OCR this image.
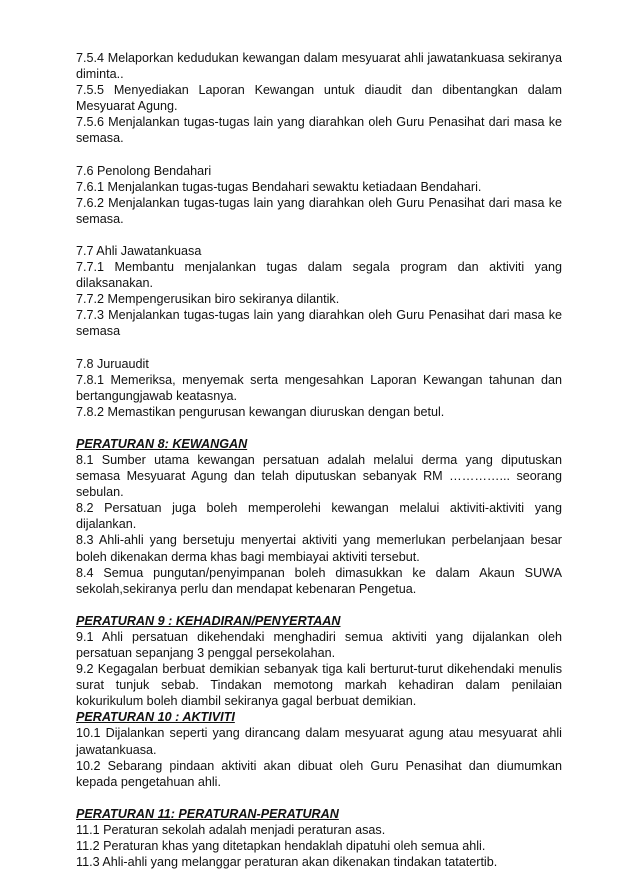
7.5.4 Melaporkan kedudukan kewangan dalam mesyuarat ahli jawatankuasa sekiranya diminta..

7.5.5 Menyediakan Laporan Kewangan untuk diaudit dan dibentangkan dalam Mesyuarat Agung.

7.5.6 Menjalankan tugas-tugas lain yang diarahkan oleh Guru Penasihat dari masa ke semasa.

7.6 Penolong Bendahari

7.6.1 Menjalankan tugas-tugas Bendahari sewaktu ketiadaan Bendahari.

7.6.2 Menjalankan tugas-tugas lain yang diarahkan oleh Guru Penasihat dari masa ke semasa.

7.7 Ahli Jawatankuasa

7.7.1 Membantu menjalankan tugas dalam segala program dan aktiviti yang dilaksanakan.

7.7.2 Mempengerusikan biro sekiranya dilantik.

7.7.3 Menjalankan tugas-tugas lain yang diarahkan oleh Guru Penasihat dari masa ke semasa

7.8 Juruaudit

7.8.1 Memeriksa, menyemak serta mengesahkan Laporan Kewangan tahunan dan bertangungjawab keatasnya.

7.8.2 Memastikan pengurusan kewangan diuruskan dengan betul.

PERATURAN 8: KEWANGAN

8.1 Sumber utama kewangan persatuan adalah melalui derma yang diputuskan semasa Mesyuarat Agung dan telah diputuskan sebanyak RM …………... seorang sebulan.

8.2 Persatuan juga boleh memperolehi kewangan melalui aktiviti-aktiviti yang dijalankan.

8.3 Ahli-ahli yang bersetuju menyertai aktiviti yang memerlukan perbelanjaan besar boleh dikenakan derma khas bagi membiayai aktiviti tersebut.

8.4 Semua pungutan/penyimpanan boleh dimasukkan ke dalam Akaun SUWA sekolah,sekiranya perlu dan mendapat kebenaran Pengetua.

PERATURAN 9 : KEHADIRAN/PENYERTAAN

9.1 Ahli persatuan dikehendaki menghadiri semua aktiviti yang dijalankan oleh persatuan sepanjang 3 penggal persekolahan.

9.2 Kegagalan berbuat demikian sebanyak tiga kali berturut-turut dikehendaki menulis surat tunjuk sebab. Tindakan memotong markah kehadiran dalam penilaian kokurikulum boleh diambil sekiranya gagal berbuat demikian.

PERATURAN 10 : AKTIVITI

10.1 Dijalankan seperti yang dirancang dalam mesyuarat agung atau mesyuarat ahli jawatankuasa.

10.2 Sebarang pindaan aktiviti akan dibuat oleh Guru Penasihat dan diumumkan kepada pengetahuan ahli.

PERATURAN 11: PERATURAN-PERATURAN

11.1 Peraturan sekolah adalah menjadi peraturan asas.

11.2 Peraturan khas yang ditetapkan hendaklah dipatuhi oleh semua ahli.

11.3 Ahli-ahli yang melanggar peraturan akan dikenakan tindakan tatatertib.
